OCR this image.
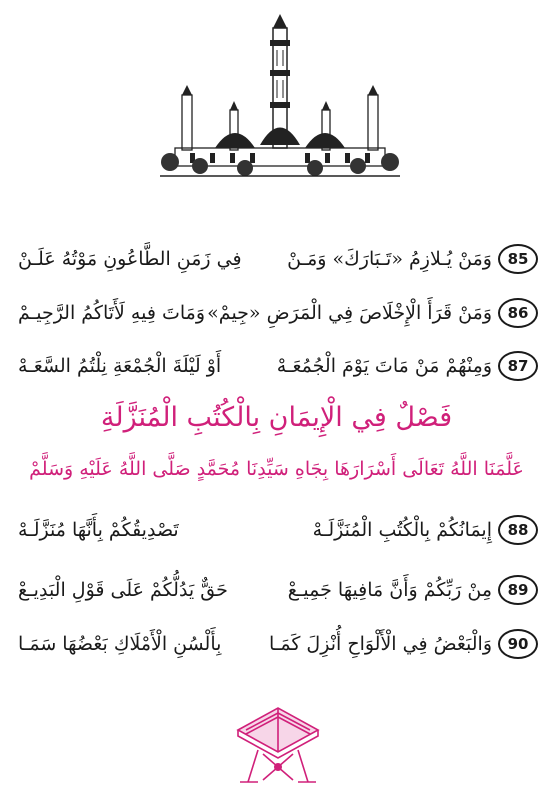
85
وَمَنْ يُـلازِمُ «تَـبَارَكَ» وَمَـنْ
فِي زَمَنِ الطَّاعُونِ مَوْتُهُ عَلَـنْ
86
وَمَنْ قَرَأَ الْإِخْلَاصَ فِي الْمَرَضِ «جِيمْ»
وَمَاتَ فِيهِ لَأَتَاكُمُ الرَّجِيـمْ
87
وَمِنْهُمْ مَنْ مَاتَ يَوْمَ الْجُمُعَـهْ
أَوْ لَيْلَةَ الْجُمْعَةِ نِلْتُمُ السَّعَـهْ
فَصْلٌ فِي الْإِيمَانِ بِالْكُتُبِ الْمُنَزَّلَةِ
عَلَّمَنَا اللَّهُ تَعَالَى أَسْرَارَهَا بِجَاهِ سَيِّدِنَا مُحَمَّدٍ صَلَّى اللَّهُ عَلَيْهِ وَسَلَّمْ
88
إِيمَانُكُمْ بِالْكُتُبِ الْمُنَزَّلَـهْ
تَصْدِيقُكُمْ بِأَنَّهَا مُنَزَّلَـهْ
89
مِنْ رَبِّكُمْ وَأَنَّ مَافِيهَا جَمِيـعْ
حَقٌّ يَدُلُّكُمْ عَلَى قَوْلِ الْبَدِيـعْ
90
وَالْبَعْضُ فِي الْأَلْوَاحِ أُنْزِلَ كَمَـا
بِأَلْسُنِ الْأَمْلَاكِ بَعْضُهَا سَمَـا
